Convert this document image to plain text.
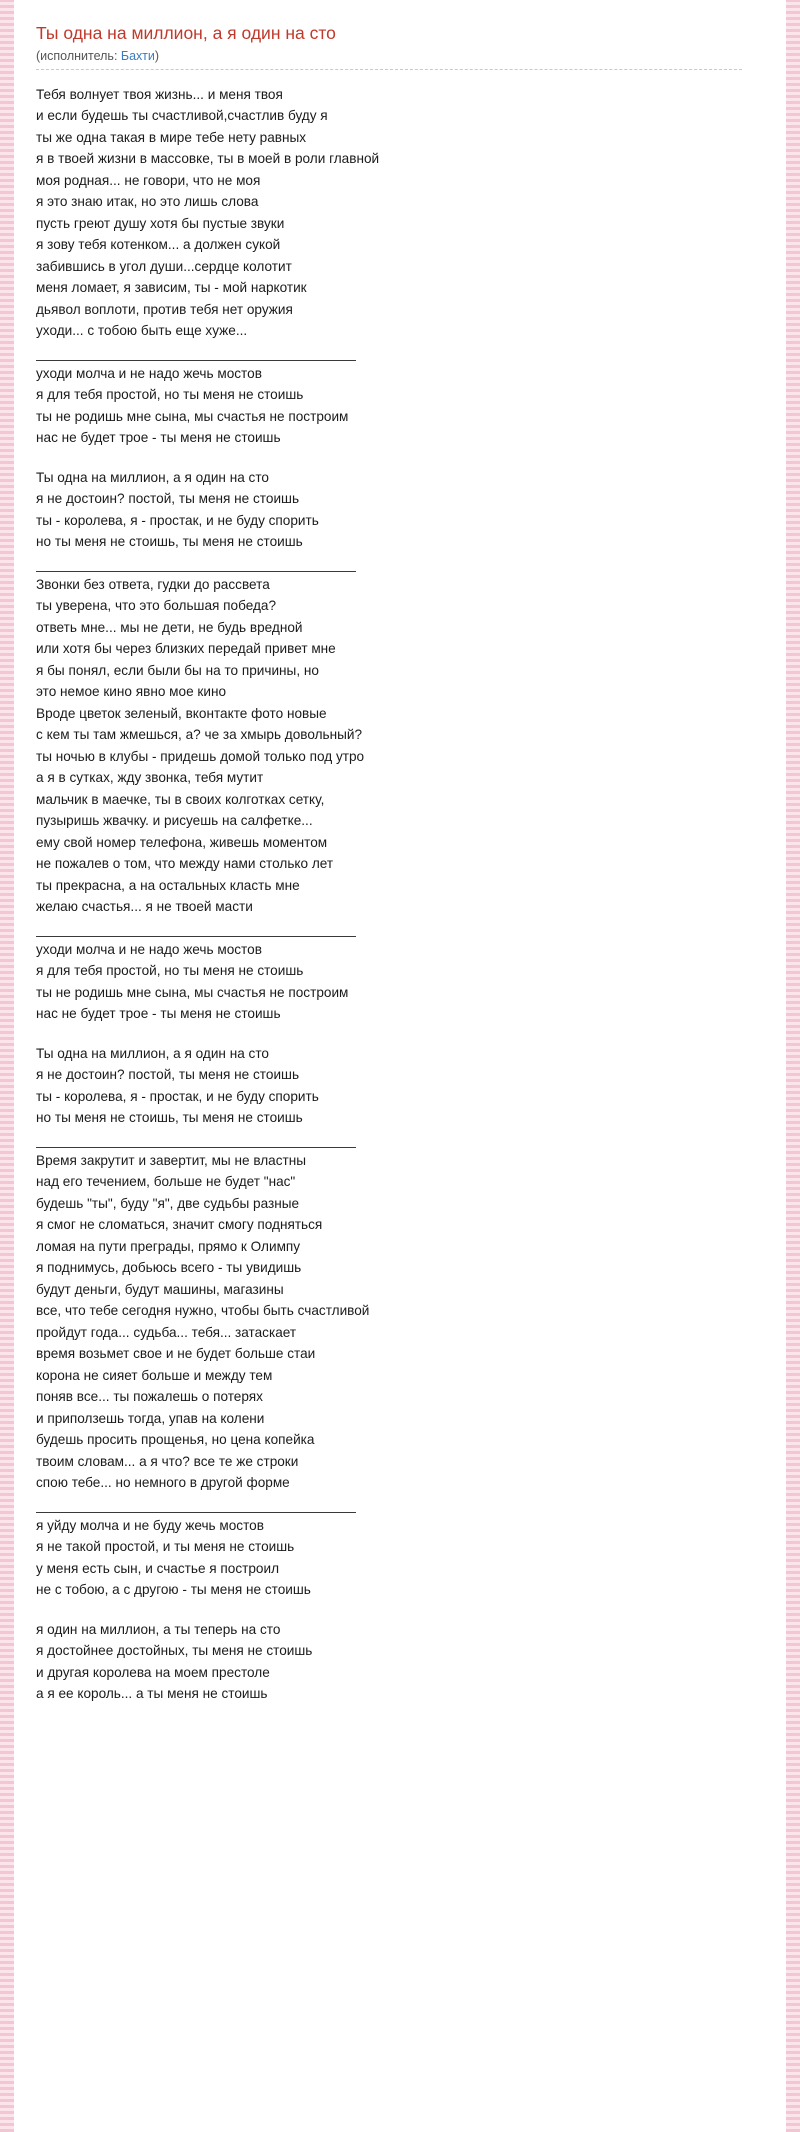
Ты одна на миллион, а я один на сто
(исполнитель: Бахти)
Тебя волнует твоя жизнь... и меня твоя
и если будешь ты счастливой,счастлив буду я
ты же одна такая в мире тебе нету равных
я в твоей жизни в массовке, ты в моей в роли главной
моя родная... не говори, что не моя
я это знаю итак, но это лишь слова
пусть греют душу хотя бы пустые звуки
я зову тебя котенком... а должен сукой
забившись в угол души...сердце колотит
меня ломает, я зависим, ты - мой наркотик
дьявол воплоти, против тебя нет оружия
уходи... с тобою быть еще хуже...
уходи молча и не надо жечь мостов
я для тебя простой, но ты меня не стоишь
ты не родишь мне сына, мы счастья не построим
нас не будет трое - ты меня не стоишь
Ты одна на миллион, а я один на сто
я не достоин? постой, ты меня не стоишь
ты - королева, я - простак, и не буду спорить
но ты меня не стоишь, ты меня не стоишь
Звонки без ответа, гудки до рассвета
ты уверена, что это большая победа?
ответь мне... мы не дети, не будь вредной
или хотя бы через близких передай привет мне
я бы понял, если были бы на то причины, но
это немое кино явно мое кино
Вроде цветок зеленый, вконтакте фото новые
с кем ты там жмешься, а? че за хмырь довольный?
ты ночью в клубы - придешь домой только под утро
а я в сутках, жду звонка, тебя мутит
мальчик в маечке, ты в своих колготках сетку,
пузыришь жвачку. и рисуешь на салфетке...
ему свой номер телефона, живешь моментом
не пожалев о том, что между нами столько лет
ты прекрасна, а на остальных класть мне
желаю счастья... я не твоей масти
уходи молча и не надо жечь мостов
я для тебя простой, но ты меня не стоишь
ты не родишь мне сына, мы счастья не построим
нас не будет трое - ты меня не стоишь
Ты одна на миллион, а я один на сто
я не достоин? постой, ты меня не стоишь
ты - королева, я - простак, и не буду спорить
но ты меня не стоишь, ты меня не стоишь
Время закрутит и завертит, мы не властны
над его течением, больше не будет "нас"
будешь "ты", буду "я", две судьбы разные
я смог не сломаться, значит смогу подняться
ломая на пути преграды, прямо к Олимпу
я поднимусь, добьюсь всего - ты увидишь
будут деньги, будут машины, магазины
все, что тебе сегодня нужно, чтобы быть счастливой
пройдут года... судьба... тебя... затаскает
время возьмет свое и не будет больше стаи
корона не сияет больше и между тем
поняв все... ты пожалешь о потерях
и приползешь тогда, упав на колени
будешь просить прощенья, но цена копейка
твоим словам... а я что? все те же строки
спою тебе... но немного в другой форме
я уйду молча и не буду жечь мостов
я не такой простой, и ты меня не стоишь
у меня есть сын, и счастье я построил
не с тобою, а с другою - ты меня не стоишь
я один на миллион, а ты теперь на сто
я достойнее достойных, ты меня не стоишь
и другая королева на моем престоле
а я ее король... а ты меня не стоишь
